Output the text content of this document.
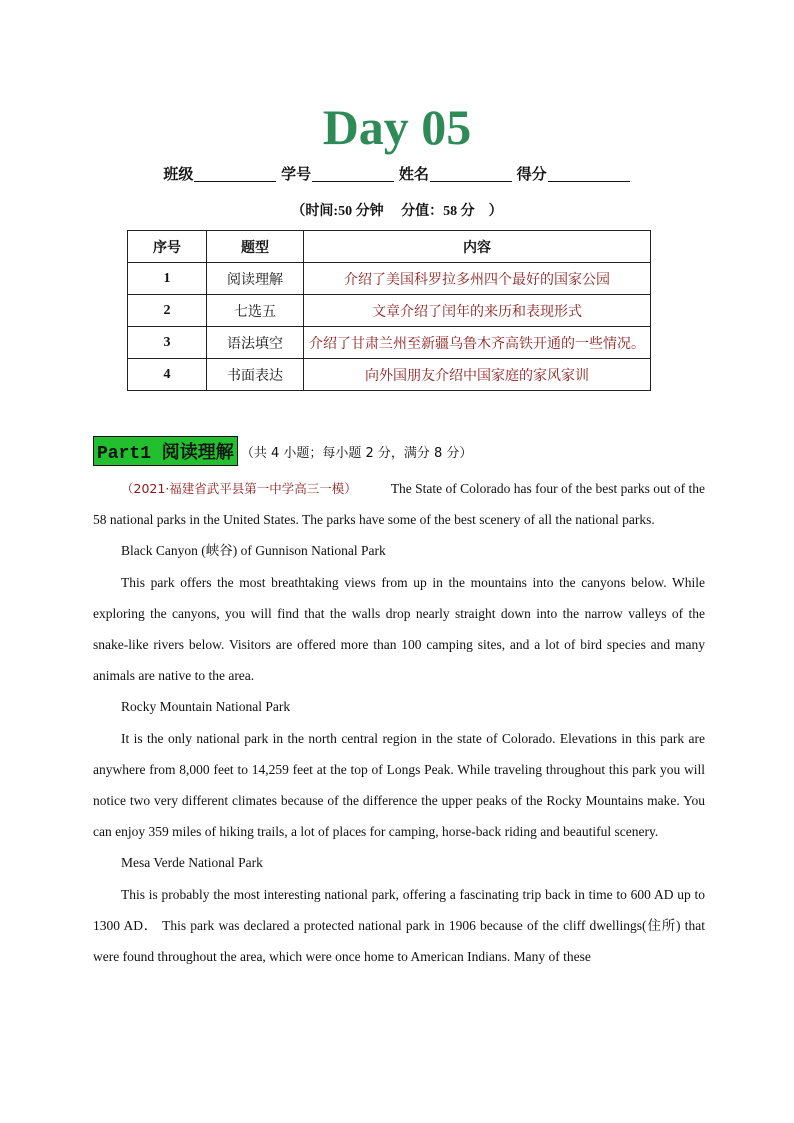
Day 05
班级	学号	姓名	得分
（时间:50 分钟　 分值：58 分　）
序号	题型	内容
1	阅读理解	介绍了美国科罗拉多州四个最好的国家公园
2	七选五	文章介绍了闰年的来历和表现形式
3	语法填空	介绍了甘肃兰州至新疆乌鲁木齐高铁开通的一些情况。
4	书面表达	向外国朋友介绍中国家庭的家风家训
Part1 阅读理解 （共 4 小题；每小题 2 分，满分 8 分）

（2021·福建省武平县第一中学高三一模）	The State of Colorado has four of the best parks out of the 58 national parks in the United States. The parks have some of the best scenery of all the national parks.

Black Canyon (峡谷) of Gunnison National Park

This park offers the most breathtaking views from up in the mountains into the canyons below. While exploring the canyons, you will find that the walls drop nearly straight down into the narrow valleys of the snake-like rivers below. Visitors are offered more than 100 camping sites, and a lot of bird species and many animals are native to the area.

Rocky Mountain National Park

It is the only national park in the north central region in the state of Colorado. Elevations in this park are anywhere from 8,000 feet to 14,259 feet at the top of Longs Peak. While traveling throughout this park you will notice two very different climates because of the difference the upper peaks of the Rocky Mountains make. You can enjoy 359 miles of hiking trails, a lot of places for camping, horse-back riding and beautiful scenery.

Mesa Verde National Park

This is probably the most interesting national park, offering a fascinating trip back in time to 600 AD up to 1300 AD． This park was declared a protected national park in 1906 because of the cliff dwellings(住所) that were found throughout the area, which were once home to American Indians. Many of these
